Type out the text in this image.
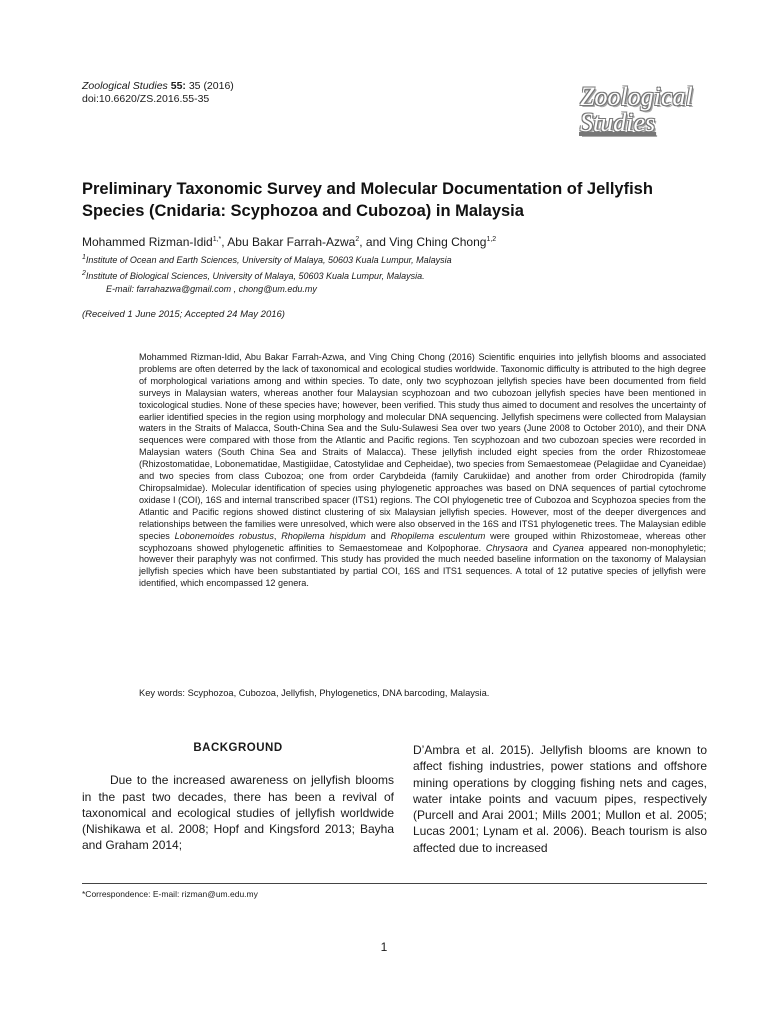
Zoological Studies 55: 35 (2016)
doi:10.6620/ZS.2016.55-35	Zoological
Studies
Preliminary Taxonomic Survey and Molecular Documentation of Jellyfish Species (Cnidaria: Scyphozoa and Cubozoa) in Malaysia
Mohammed Rizman-Idid$^{1,*}$, Abu Bakar Farrah-Azwa$^2$, and Ving Ching Chong$^{1,2}$
$^1$Institute of Ocean and Earth Sciences, University of Malaya, 50603 Kuala Lumpur, Malaysia
$^2$Institute of Biological Sciences, University of Malaya, 50603 Kuala Lumpur, Malaysia.
E-mail: farrahazwa@gmail.com , chong@um.edu.my
(Received 1 June 2015; Accepted 24 May 2016)
Mohammed Rizman-Idid, Abu Bakar Farrah-Azwa, and Ving Ching Chong (2016) Scientific enquiries into jellyfish blooms and associated problems are often deterred by the lack of taxonomical and ecological studies worldwide. Taxonomic difficulty is attributed to the high degree of morphological variations among and within species. To date, only two scyphozoan jellyfish species have been documented from field surveys in Malaysian waters, whereas another four Malaysian scyphozoan and two cubozoan jellyfish species have been mentioned in toxicological studies. None of these species have; however, been verified. This study thus aimed to document and resolves the uncertainty of earlier identified species in the region using morphology and molecular DNA sequencing. Jellyfish specimens were collected from Malaysian waters in the Straits of Malacca, South-China Sea and the Sulu-Sulawesi Sea over two years (June 2008 to October 2010), and their DNA sequences were compared with those from the Atlantic and Pacific regions. Ten scyphozoan and two cubozoan species were recorded in Malaysian waters (South China Sea and Straits of Malacca). These jellyfish included eight species from the order Rhizostomeae (Rhizostomatidae, Lobonematidae, Mastigiidae, Catostylidae and Cepheidae), two species from Semaestomeae (Pelagiidae and Cyaneidae) and two species from class Cubozoa; one from order Carybdeida (family Carukiidae) and another from order Chirodropida (family Chiropsalmidae). Molecular identification of species using phylogenetic approaches was based on DNA sequences of partial cytochrome oxidase I (COI), 16S and internal transcribed spacer (ITS1) regions. The COI phylogenetic tree of Cubozoa and Scyphozoa species from the Atlantic and Pacific regions showed distinct clustering of six Malaysian jellyfish species. However, most of the deeper divergences and relationships between the families were unresolved, which were also observed in the 16S and ITS1 phylogenetic trees. The Malaysian edible species Lobonemoides robustus, Rhopilema hispidum and Rhopilema esculentum were grouped within Rhizostomeae, whereas other scyphozoans showed phylogenetic affinities to Semaestomeae and Kolpophorae. Chrysaora and Cyanea appeared non-monophyletic; however their paraphyly was not confirmed. This study has provided the much needed baseline information on the taxonomy of Malaysian jellyfish species which have been substantiated by partial COI, 16S and ITS1 sequences. A total of 12 putative species of jellyfish were identified, which encompassed 12 genera.
Key words: Scyphozoa, Cubozoa, Jellyfish, Phylogenetics, DNA barcoding, Malaysia.
BACKGROUND

Due to the increased awareness on jellyfish blooms in the past two decades, there has been a revival of taxonomical and ecological studies of jellyfish worldwide (Nishikawa et al. 2008; Hopf and Kingsford 2013; Bayha and Graham 2014;

D’Ambra et al. 2015). Jellyfish blooms are known to affect fishing industries, power stations and offshore mining operations by clogging fishing nets and cages, water intake points and vacuum pipes, respectively (Purcell and Arai 2001; Mills 2001; Mullon et al. 2005; Lucas 2001; Lynam et al. 2006). Beach tourism is also affected due to increased

*Correspondence: E-mail: rizman@um.edu.my
1
